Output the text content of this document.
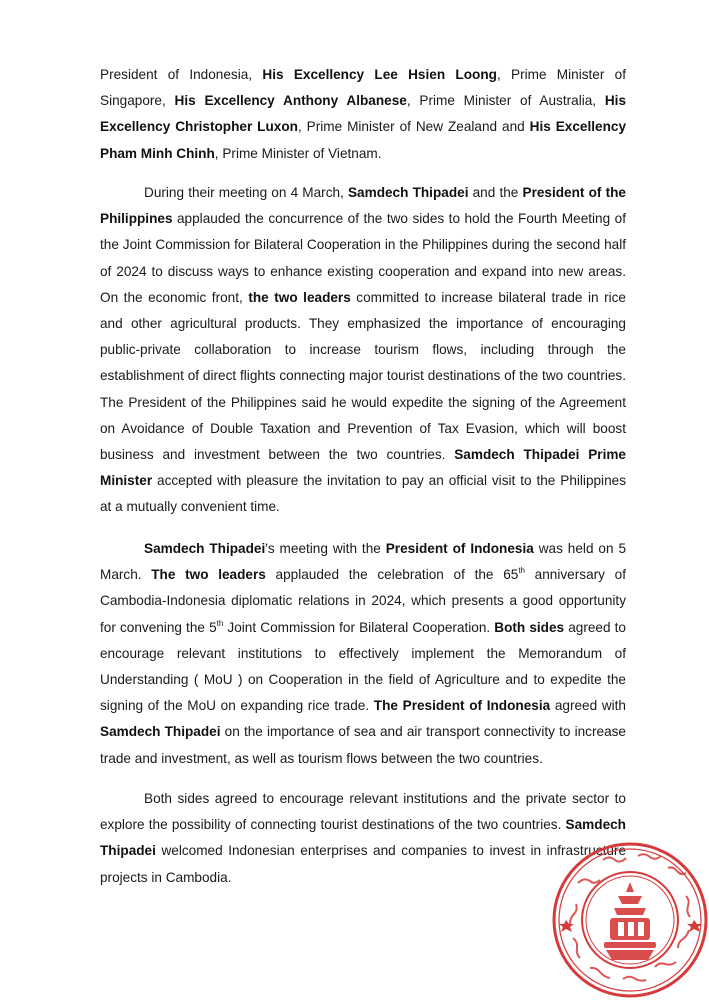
President of Indonesia, His Excellency Lee Hsien Loong, Prime Minister of Singapore, His Excellency Anthony Albanese, Prime Minister of Australia, His Excellency Christopher Luxon, Prime Minister of New Zealand and His Excellency Pham Minh Chinh, Prime Minister of Vietnam.

During their meeting on 4 March, Samdech Thipadei and the President of the Philippines applauded the concurrence of the two sides to hold the Fourth Meeting of the Joint Commission for Bilateral Cooperation in the Philippines during the second half of 2024 to discuss ways to enhance existing cooperation and expand into new areas. On the economic front, the two leaders committed to increase bilateral trade in rice and other agricultural products. They emphasized the importance of encouraging public-private collaboration to increase tourism flows, including through the establishment of direct flights connecting major tourist destinations of the two countries. The President of the Philippines said he would expedite the signing of the Agreement on Avoidance of Double Taxation and Prevention of Tax Evasion, which will boost business and investment between the two countries. Samdech Thipadei Prime Minister accepted with pleasure the invitation to pay an official visit to the Philippines at a mutually convenient time.

Samdech Thipadei's meeting with the President of Indonesia was held on 5 March. The two leaders applauded the celebration of the 65th anniversary of Cambodia-Indonesia diplomatic relations in 2024, which presents a good opportunity for convening the 5th Joint Commission for Bilateral Cooperation. Both sides agreed to encourage relevant institutions to effectively implement the Memorandum of Understanding ( MoU ) on Cooperation in the field of Agriculture and to expedite the signing of the MoU on expanding rice trade. The President of Indonesia agreed with Samdech Thipadei on the importance of sea and air transport connectivity to increase trade and investment, as well as tourism flows between the two countries.

Both sides agreed to encourage relevant institutions and the private sector to explore the possibility of connecting tourist destinations of the two countries. Samdech Thipadei welcomed Indonesian enterprises and companies to invest in infrastructure projects in Cambodia.
